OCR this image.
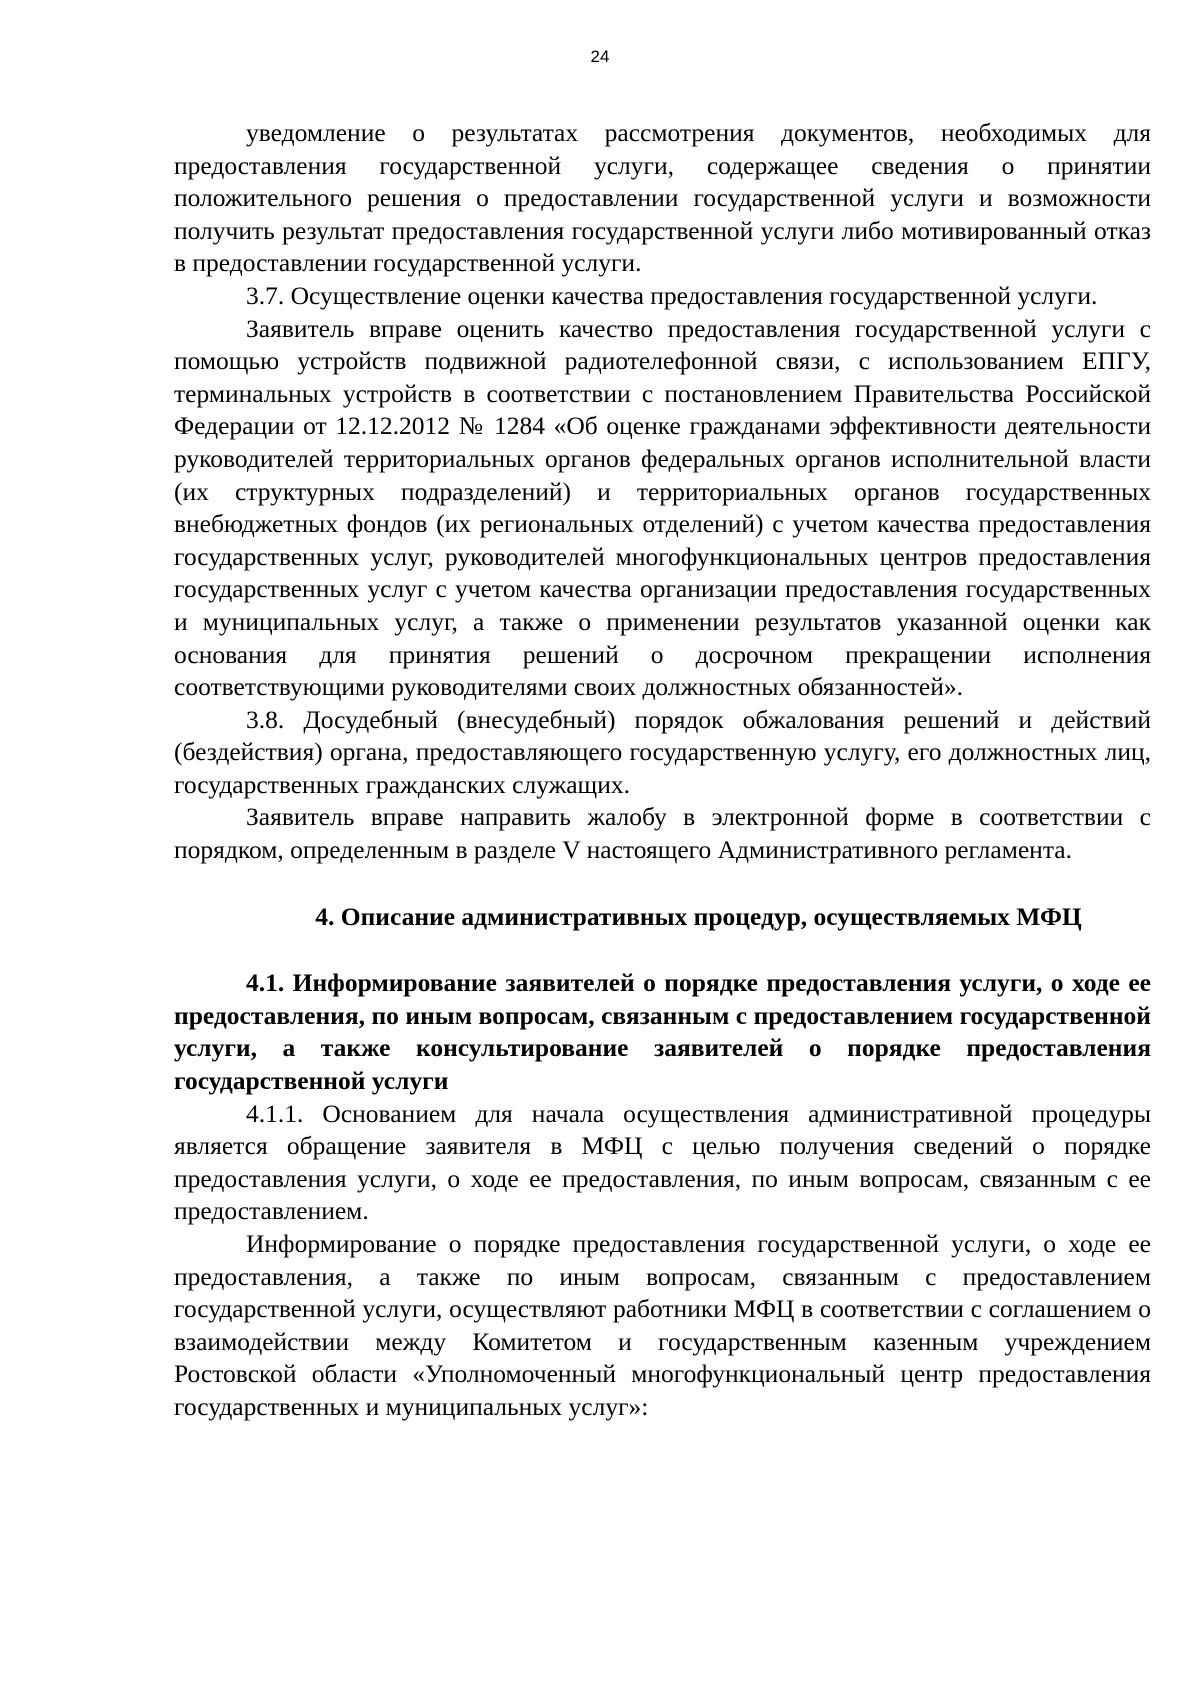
24

уведомление о результатах рассмотрения документов, необходимых для предоставления государственной услуги, содержащее сведения о принятии положительного решения о предоставлении государственной услуги и возможности получить результат предоставления государственной услуги либо мотивированный отказ в предоставлении государственной услуги.

3.7. Осуществление оценки качества предоставления государственной услуги.

Заявитель вправе оценить качество предоставления государственной услуги с помощью устройств подвижной радиотелефонной связи, с использованием ЕПГУ, терминальных устройств в соответствии с постановлением Правительства Российской Федерации от 12.12.2012 № 1284 «Об оценке гражданами эффективности деятельности руководителей территориальных органов федеральных органов исполнительной власти (их структурных подразделений) и территориальных органов государственных внебюджетных фондов (их региональных отделений) с учетом качества предоставления государственных услуг, руководителей многофункциональных центров предоставления государственных услуг с учетом качества организации предоставления государственных и муниципальных услуг, а также о применении результатов указанной оценки как основания для принятия решений о досрочном прекращении исполнения соответствующими руководителями своих должностных обязанностей».

3.8. Досудебный (внесудебный) порядок обжалования решений и действий (бездействия) органа, предоставляющего государственную услугу, его должностных лиц, государственных гражданских служащих.

Заявитель вправе направить жалобу в электронной форме в соответствии с порядком, определенным в разделе V настоящего Административного регламента.

4. Описание административных процедур, осуществляемых МФЦ

4.1. Информирование заявителей о порядке предоставления услуги, о ходе ее предоставления, по иным вопросам, связанным с предоставлением государственной услуги, а также консультирование заявителей о порядке предоставления государственной услуги

4.1.1. Основанием для начала осуществления административной процедуры является обращение заявителя в МФЦ с целью получения сведений о порядке предоставления услуги, о ходе ее предоставления, по иным вопросам, связанным с ее предоставлением.

Информирование о порядке предоставления государственной услуги, о ходе ее предоставления, а также по иным вопросам, связанным с предоставлением государственной услуги, осуществляют работники МФЦ в соответствии с соглашением о взаимодействии между Комитетом и государственным казенным учреждением Ростовской области «Уполномоченный многофункциональный центр предоставления государственных и муниципальных услуг»:
